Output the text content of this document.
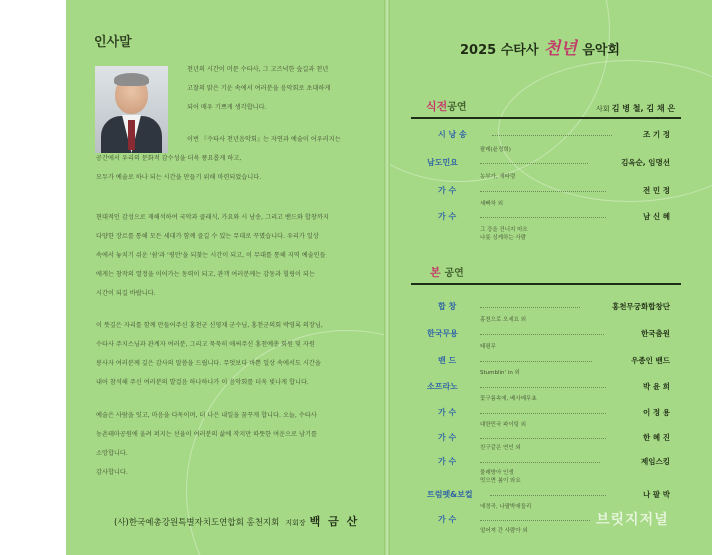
인사말

천년의 시간이 머문 수타사, 그 고즈넉한 숲길과 천년

고찰의 맑은 기운 속에서 여러분을 음악회로 초대하게

되어 매우 기쁘게 생각합니다.

이번 『수타사 천년음악회』는 자연과 예술이 어우러지는

공간에서 우리의 문화적 감수성을 더욱 풍요롭게 하고,

모두가 예술로 하나 되는 시간을 만들기 위해 마련되었습니다.

현대적인 감성으로 재해석하여 국악과 클래식, 가요와 시 낭송, 그리고 밴드와 합창까지

다양한 장르를 통해 모든 세대가 함께 즐길 수 있는 무대로 꾸몄습니다. 우리가 일상

속에서 놓치기 쉬운 '쉼'과 '평안'을 되찾는 시간이 되고, 이 무대를 통해 지역 예술인들

에게는 창작의 열정을 이어가는 동력이 되고, 관객 여러분께는 감동과 힐링이 되는

시간이 되길 바랍니다.

이 뜻깊은 자리를 함께 만들어주신 홍천군 신영재 군수님, 홍천군의회 박영록 의장님,

수타사 주지스님과 관계자 여러분, 그리고 묵묵히 애써주신 홍천예총 회원 및 자원

봉사자 여러분께 깊은 감사의 말씀을 드립니다. 무엇보다 바쁜 일상 속에서도 시간을

내어 참석해 주신 여러분의 발걸음 하나하나가 이 음악회를 더욱 빛나게 합니다.

예술은 사람을 잇고, 마음을 다독이며, 더 나은 내일을 꿈꾸게 합니다. 오늘, 수타사

농촌테마공원에 울려 퍼지는 선율이 여러분의 삶에 작지만 따뜻한 여운으로 남기를

소망합니다.

감사합니다.

(사)한국예총강원특별자치도연합회 홍천지회 지회장 백 금 산

2025 수타사 천년 음악회
식전공연	사회 김 병 철, 김 채 은
시 낭 송	조 기 정
팔레(윤정희)
남도민요	김옥순, 임명선
농부가, 새타령
가 수	전 민 정
세빠차 외
가 수	남 신 혜
그 강을 건너지 마오
나룻 싱케하는 사람
본 공연
합 창	홍천무궁화합창단
홍천으로 오세요 외
한국무용	한국춤원
태평무
밴 드	우종인 밴드
Stumblin' in 외
소프라노	박 윤 희
꽃구름속에, 베사메무쵸
가 수	이 정 용
대한민국 파이팅 외
가 수	한 혜 진
친구같은 연인 외
가 수	제임스킹
물레방아 인생
멋으면 봄이 와요
트럼펫&보컬	나 팔 박
애정곡, 나팔박애들리
가 수
얼어져 간 사람아 외
브릿지저널
